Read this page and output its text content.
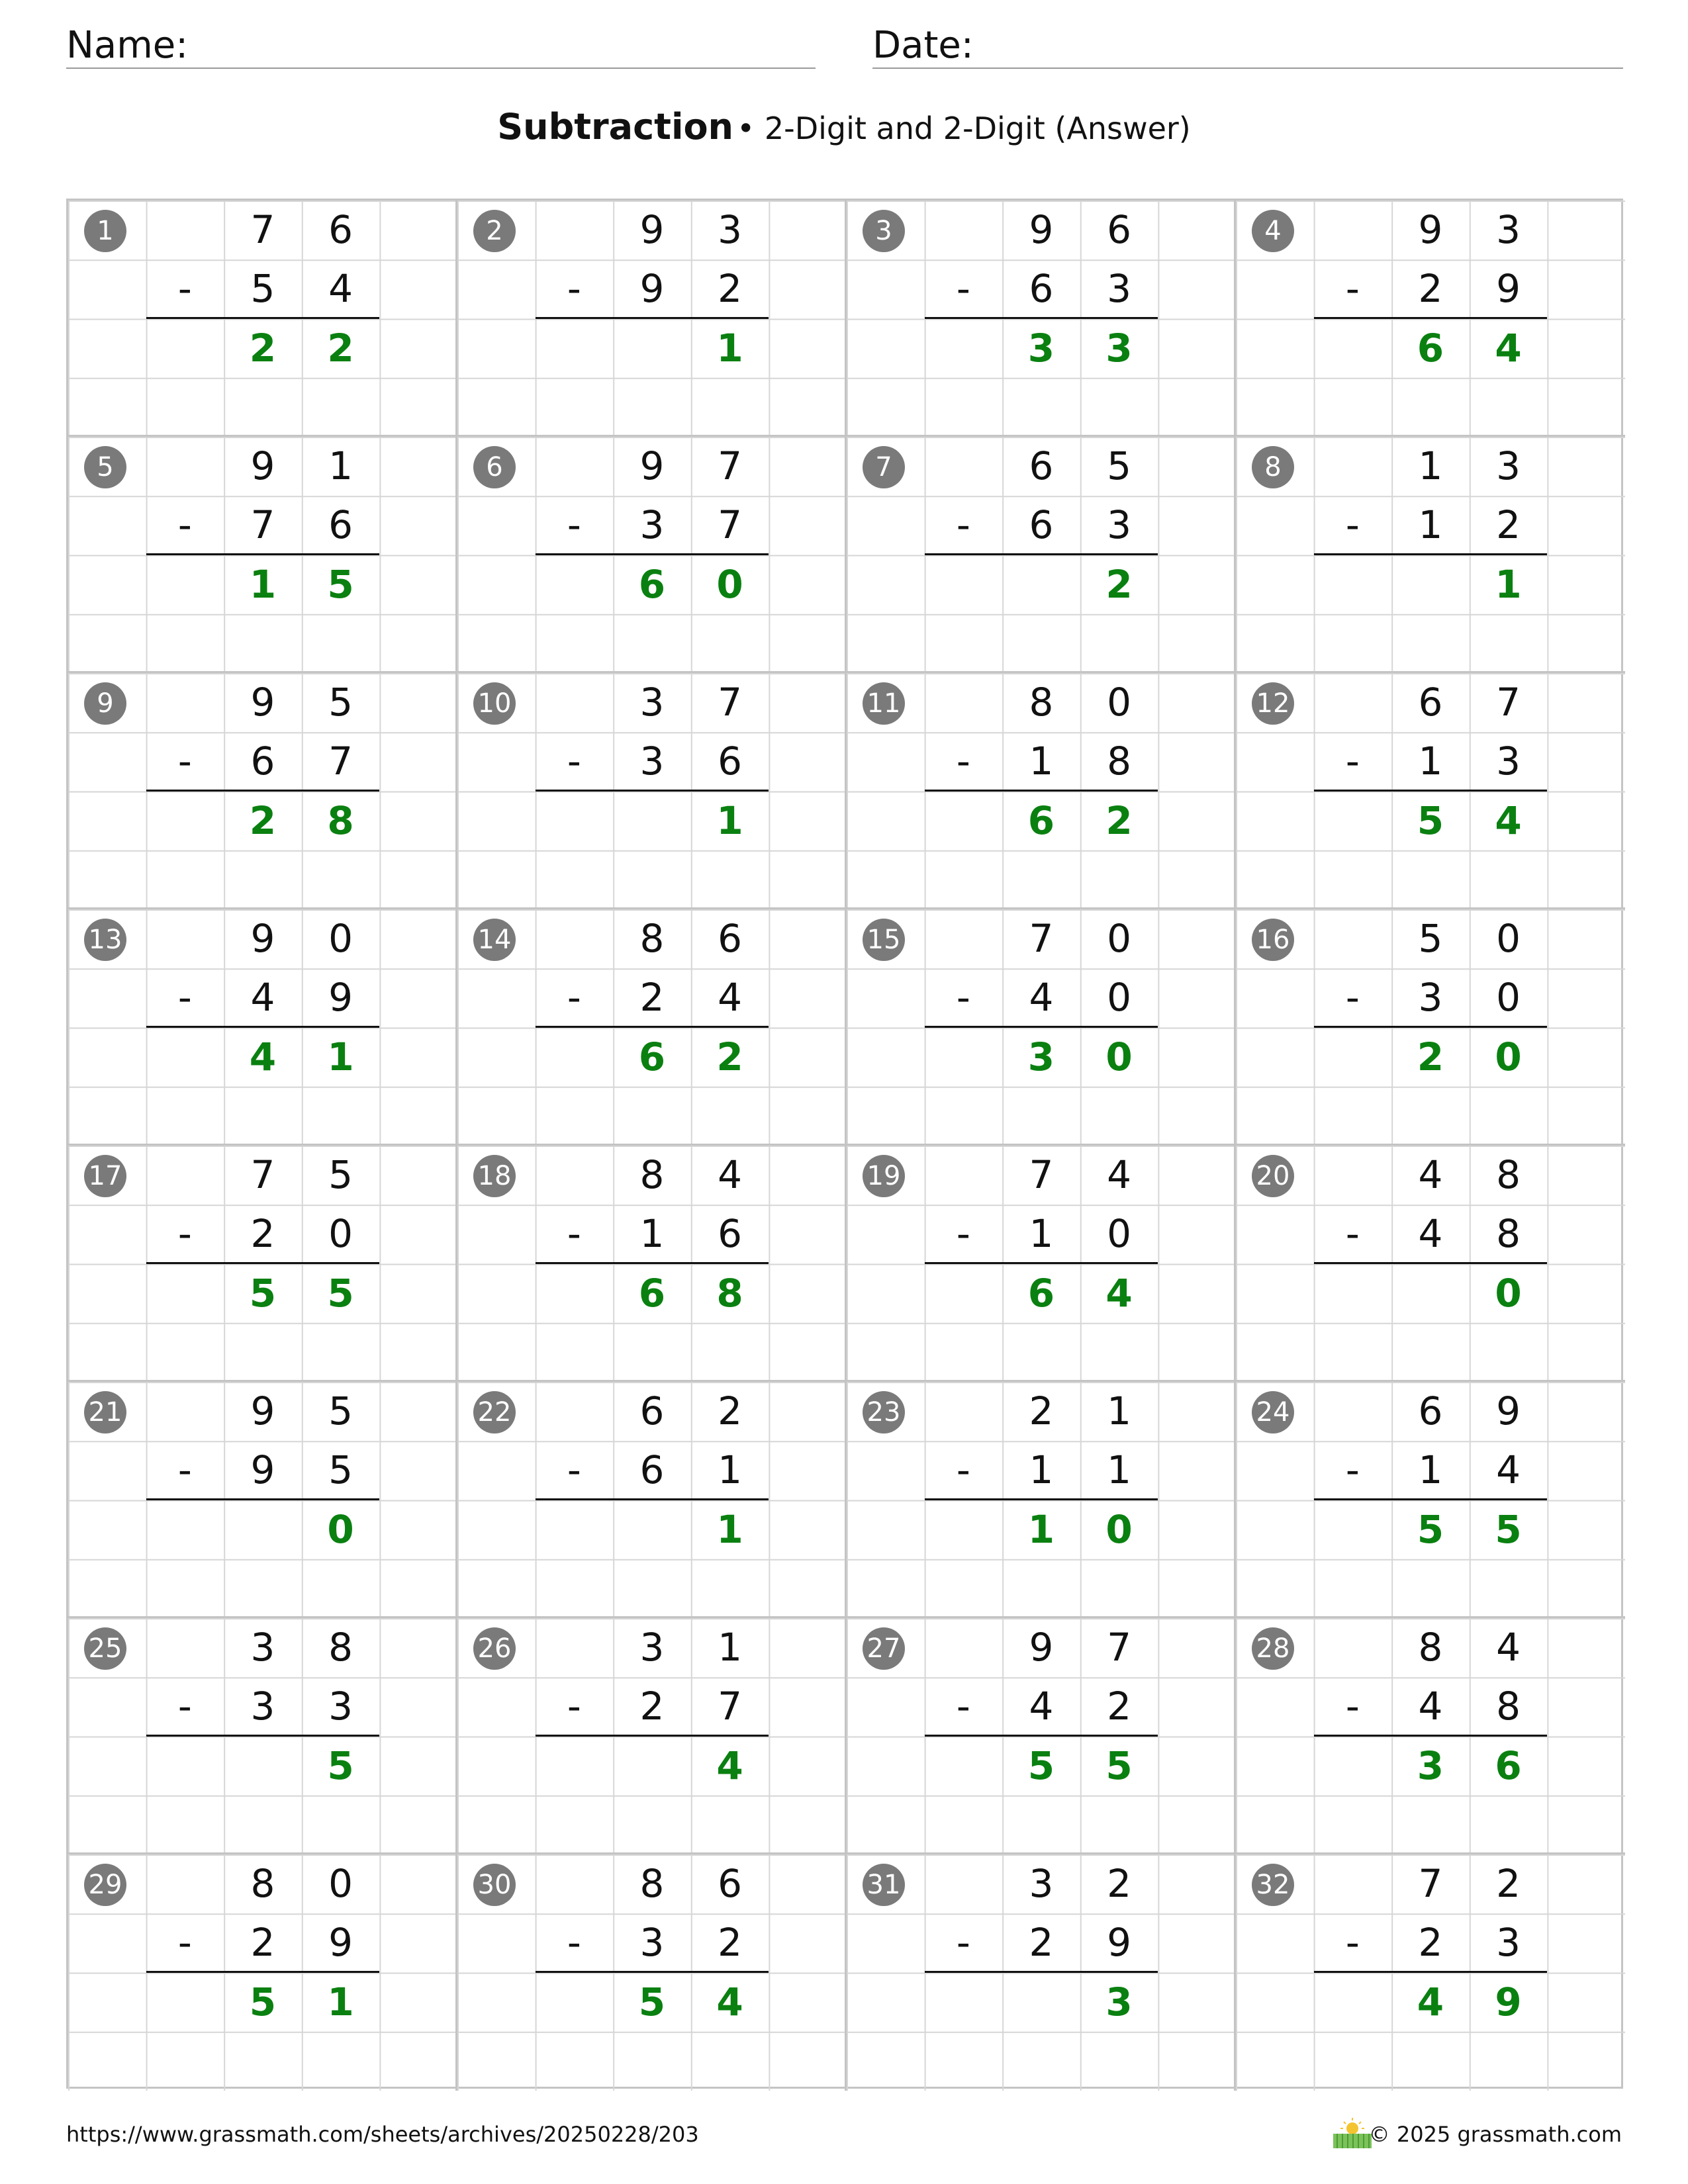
Name:	Date:
Subtraction • 2-Digit and 2-Digit (Answer)
1	7	6
-	5	4
2	2
2	9	3
-	9	2
1
3	9	6
-	6	3
3	3
4	9	3
-	2	9
6	4
5	9	1
-	7	6
1	5
6	9	7
-	3	7
6	0
7	6	5
-	6	3
2
8	1	3
-	1	2
1
9	9	5
-	6	7
2	8
10	3	7
-	3	6
1
11	8	0
-	1	8
6	2
12	6	7
-	1	3
5	4
13	9	0
-	4	9
4	1
14	8	6
-	2	4
6	2
15	7	0
-	4	0
3	0
16	5	0
-	3	0
2	0
17	7	5
-	2	0
5	5
18	8	4
-	1	6
6	8
19	7	4
-	1	0
6	4
20	4	8
-	4	8
0
21	9	5
-	9	5
0
22	6	2
-	6	1
1
23	2	1
-	1	1
1	0
24	6	9
-	1	4
5	5
25	3	8
-	3	3
5
26	3	1
-	2	7
4
27	9	7
-	4	2
5	5
28	8	4
-	4	8
3	6
29	8	0
-	2	9
5	1
30	8	6
-	3	2
5	4
31	3	2
-	2	9
3
32	7	2
-	2	3
4	9
https://www.grassmath.com/sheets/archives/20250228/203	© 2025 grassmath.com
